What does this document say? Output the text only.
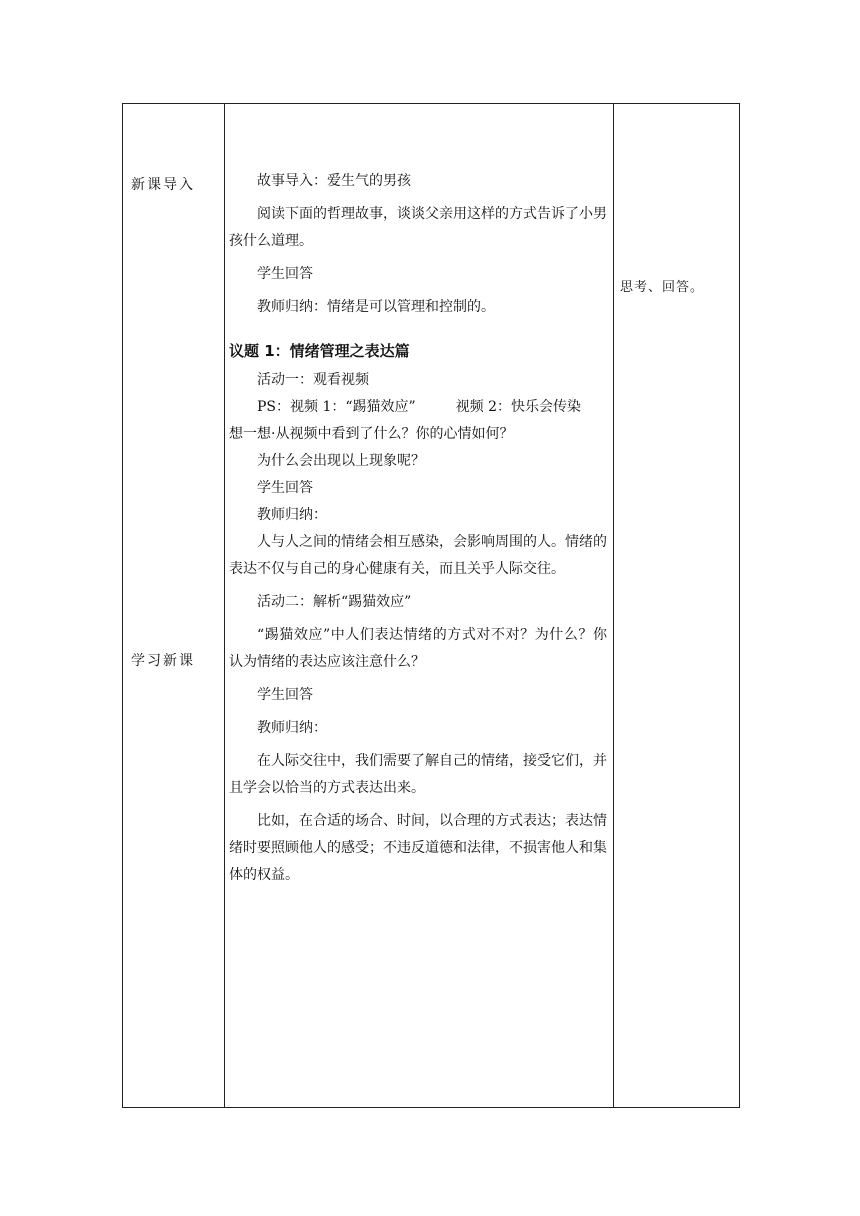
新课导入
学习新课
思考、回答。

故事导入：爱生气的男孩

阅读下面的哲理故事，谈谈父亲用这样的方式告诉了小男孩什么道理。

学生回答

教师归纳：情绪是可以管理和控制的。

议题 1：情绪管理之表达篇

活动一：观看视频

PS：视频 1：“踢猫效应”	视频 2：快乐会传染

想一想·从视频中看到了什么？你的心情如何？

为什么会出现以上现象呢？

学生回答

教师归纳：

人与人之间的情绪会相互感染，会影响周围的人。情绪的表达不仅与自己的身心健康有关，而且关乎人际交往。

活动二：解析“踢猫效应”

“踢猫效应”中人们表达情绪的方式对不对？为什么？你认为情绪的表达应该注意什么？

学生回答

教师归纳：

在人际交往中，我们需要了解自己的情绪，接受它们，并且学会以恰当的方式表达出来。

比如，在合适的场合、时间，以合理的方式表达；表达情绪时要照顾他人的感受；不违反道德和法律，不损害他人和集体的权益。
